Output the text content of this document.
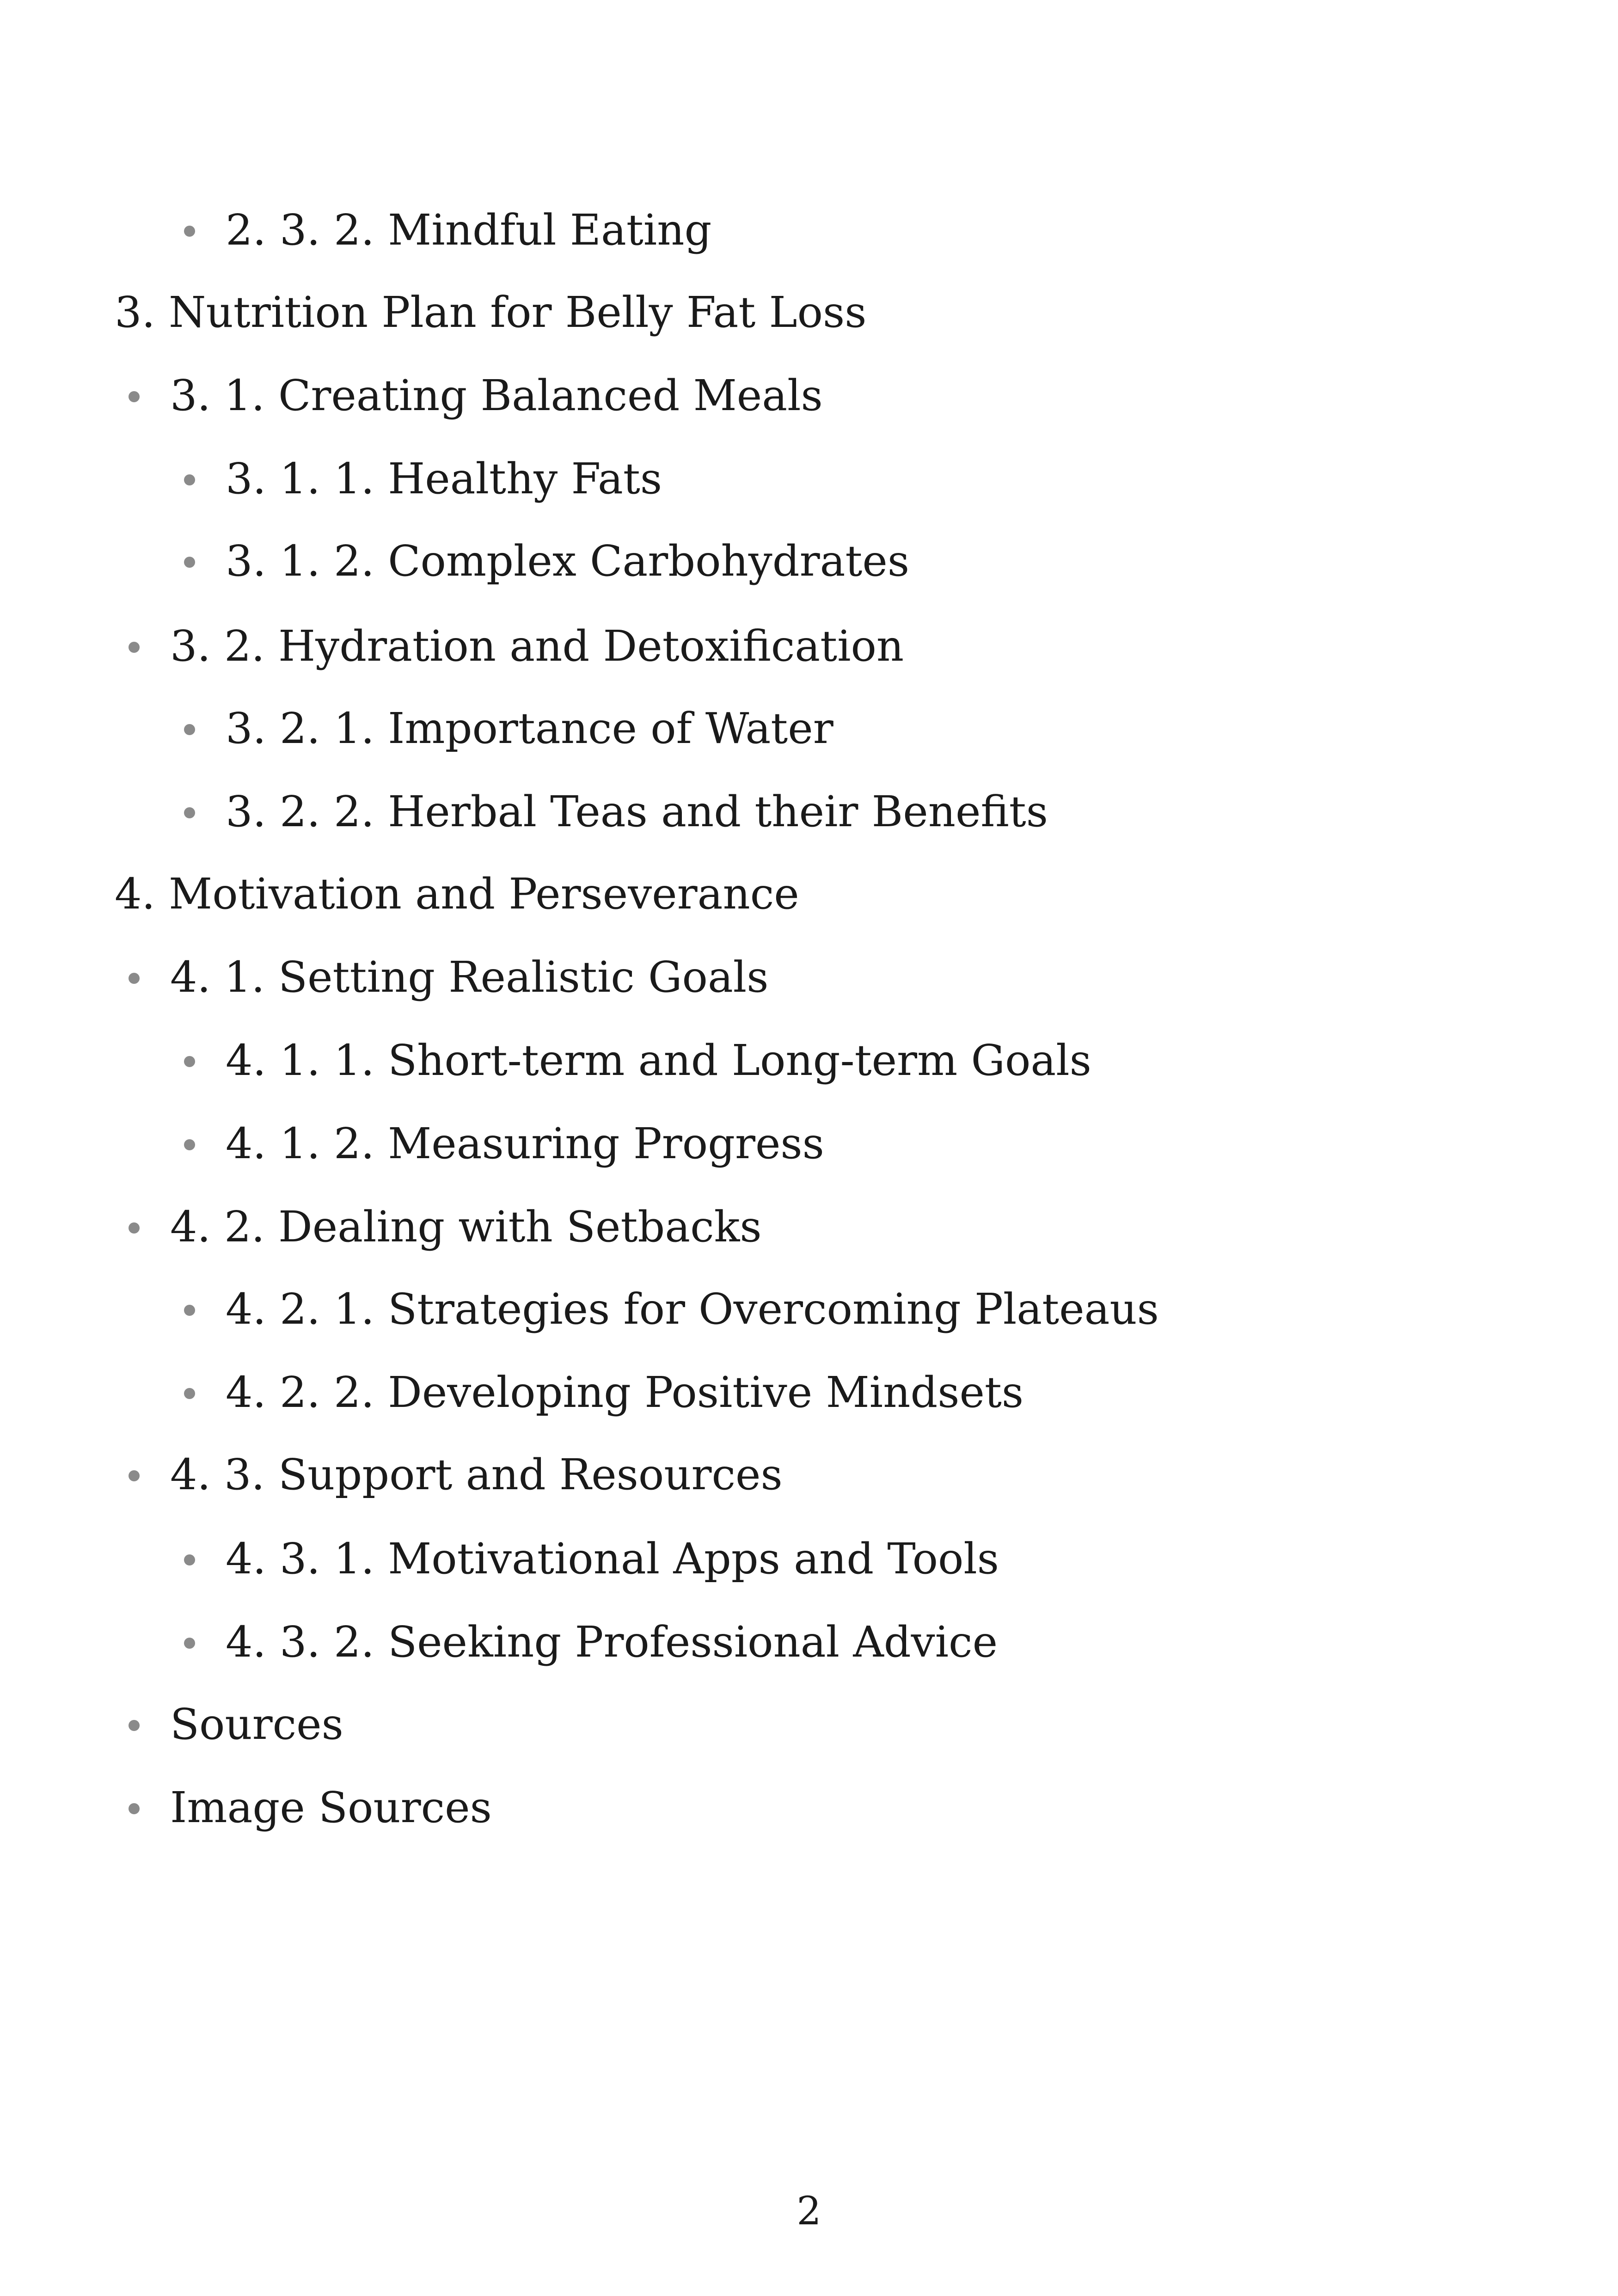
2. 3. 2. Mindful Eating
3. Nutrition Plan for Belly Fat Loss
3. 1. Creating Balanced Meals
3. 1. 1. Healthy Fats
3. 1. 2. Complex Carbohydrates
3. 2. Hydration and Detoxification
3. 2. 1. Importance of Water
3. 2. 2. Herbal Teas and their Benefits
4. Motivation and Perseverance
4. 1. Setting Realistic Goals
4. 1. 1. Short-term and Long-term Goals
4. 1. 2. Measuring Progress
4. 2. Dealing with Setbacks
4. 2. 1. Strategies for Overcoming Plateaus
4. 2. 2. Developing Positive Mindsets
4. 3. Support and Resources
4. 3. 1. Motivational Apps and Tools
4. 3. 2. Seeking Professional Advice
Sources
Image Sources
2
